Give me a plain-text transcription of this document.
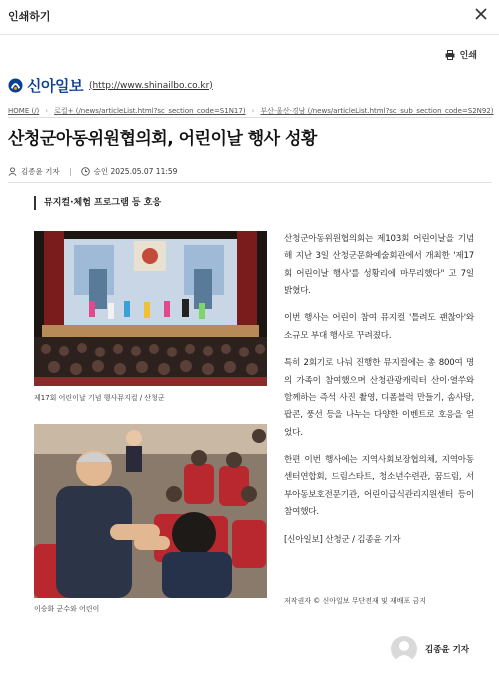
인쇄하기
인쇄
신아일보 (http://www.shinailbo.co.kr)
HOME (/) › 로컬+ (/news/articleList.html?sc_section_code=S1N17) › 부산·울산·경남 (/news/articleList.html?sc_sub_section_code=S2N92)
산청군아동위원협의회, 어린이날 행사 성황
김종윤 기자	승인 2025.05.07 11:59
뮤지컬·체험 프로그램 등 호응
제17회 어린이날 기념 행사뮤지컬 / 산청군
이승화 군수와 어린이

산청군아동위원협의회는 제103회 어린이날을 기념해 지난 3일 산청군문화예술회관에서 개최한 '제17회 어린이날 행사'를 성황리에 마무리했다" 고 7일 밝혔다.

이번 행사는 어린이 참여 뮤지컬 '틀려도 괜찮아'와 소규모 부대 행사로 꾸려졌다.

특히 2회기로 나눠 진행한 뮤지컬에는 총 800여 명의 가족이 참여했으며 산청관광캐릭터 산이·열쑤와 함께하는 즉석 사진 촬영, 디폼블럭 만들기, 솜사탕, 팝콘, 풍선 등을 나누는 다양한 이벤트로 호응을 얻었다.

한편 이번 행사에는 지역사회보장협의체, 지역아동센터연합회, 드림스타트, 청소년수련관, 꿈드림, 서부아동보호전문기관, 어린이급식관리지원센터 등이 참여했다.

[신아일보] 산청군 / 김종윤 기자

저작권자 © 신아일보 무단전재 및 재배포 금지
김종윤 기자
